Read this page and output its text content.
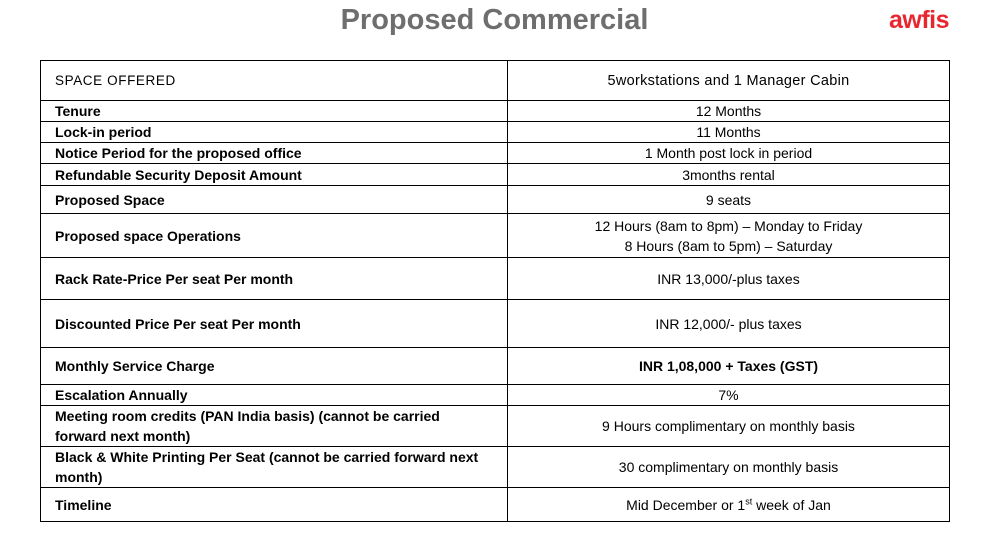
Proposed Commercial	awfis
SPACE OFFERED	5workstations and 1 Manager Cabin
Tenure	12 Months
Lock-in period	11 Months
Notice Period for the proposed office	1 Month post lock in period
Refundable Security Deposit Amount	3months rental
Proposed Space	9 seats
Proposed space Operations	12 Hours (8am to 8pm) – Monday to Friday
8 Hours (8am to 5pm) – Saturday

Rack Rate-Price Per seat Per month	INR 13,000/-plus taxes
Discounted Price Per seat Per month	INR 12,000/- plus taxes
Monthly Service Charge	INR 1,08,000 + Taxes (GST)
Escalation Annually	7%
Meeting room credits (PAN India basis) (cannot be carried forward next month)	9 Hours complimentary on monthly basis
Black & White Printing Per Seat (cannot be carried forward next month)	30 complimentary on monthly basis
Timeline	Mid December or 1st week of Jan
